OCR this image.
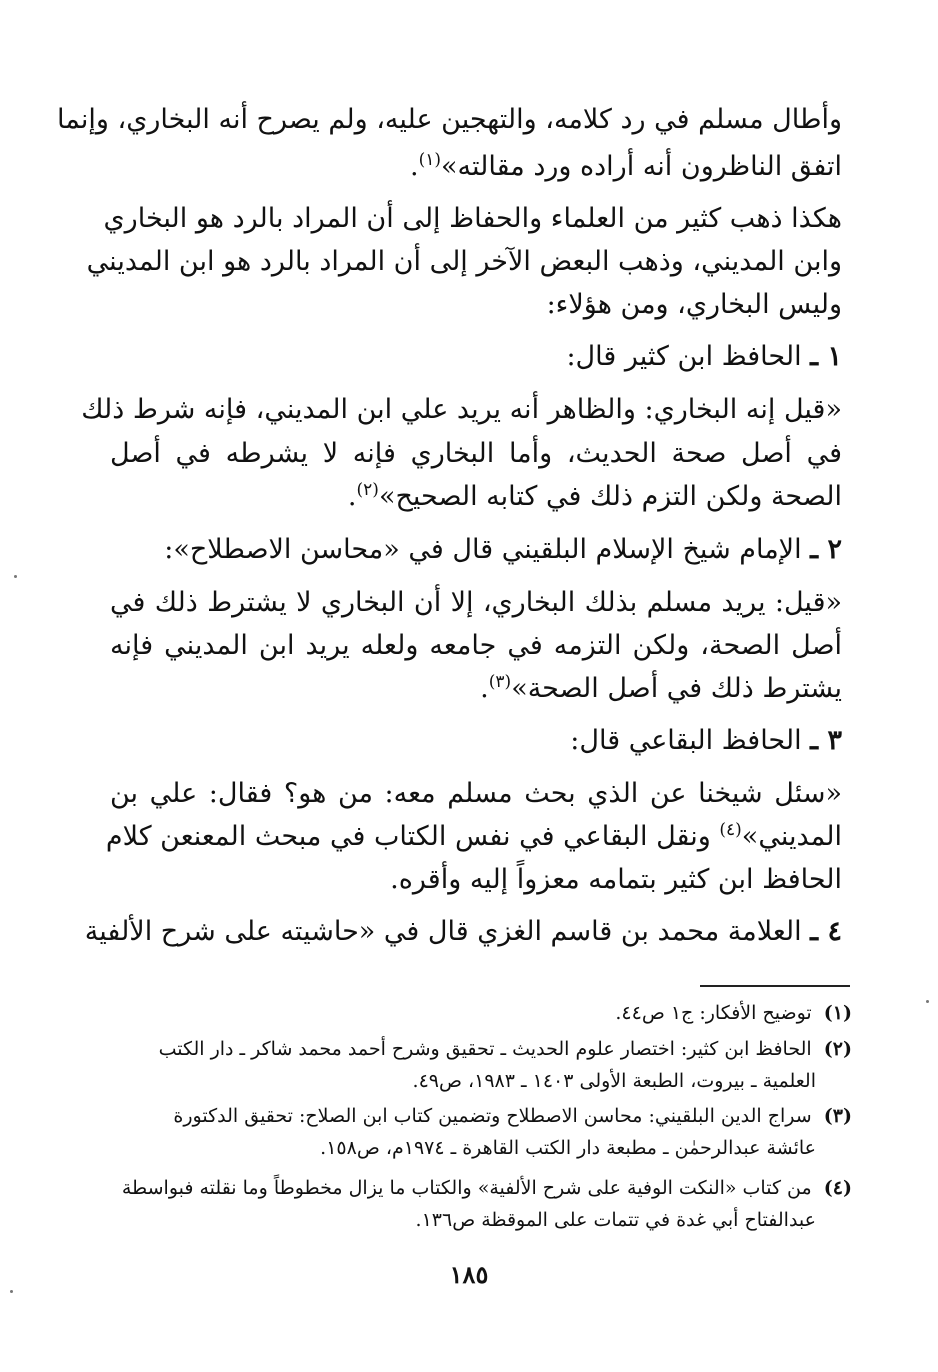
وأطال مسلم في رد كلامه، والتهجين عليه، ولم يصرح أنه البخاري، وإنما
اتفق الناظرون أنه أراده ورد مقالته»$^{(١)}$.
هكذا ذهب كثير من العلماء والحفاظ إلى أن المراد بالرد هو البخاري
وابن المديني، وذهب البعض الآخر إلى أن المراد بالرد هو ابن المديني
وليس البخاري، ومن هؤلاء:
١ ـ الحافظ ابن كثير قال:
«قيل إنه البخاري: والظاهر أنه يريد علي ابن المديني، فإنه شرط ذلك
في أصل صحة الحديث، وأما البخاري فإنه لا يشرطه في أصل
الصحة ولكن التزم ذلك في كتابه الصحيح»$^{(٢)}$.
٢ ـ الإمام شيخ الإسلام البلقيني قال في «محاسن الاصطلاح»:
«قيل: يريد مسلم بذلك البخاري، إلا أن البخاري لا يشترط ذلك في
أصل الصحة، ولكن التزمه في جامعه ولعله يريد ابن المديني فإنه
يشترط ذلك في أصل الصحة»$^{(٣)}$.
٣ ـ الحافظ البقاعي قال:
«سئل شيخنا عن الذي بحث مسلم معه: من هو؟ فقال: علي بن
المديني»$^{(٤)}$ ونقل البقاعي في نفس الكتاب في مبحث المعنعن كلام
الحافظ ابن كثير بتمامه معزواً إليه وأقره.
٤ ـ العلامة محمد بن قاسم الغزي قال في «حاشيته على شرح الألفية
(١)  توضيح الأفكار: ج١ ص٤٤.
(٢)  الحافظ ابن كثير: اختصار علوم الحديث ـ تحقيق وشرح أحمد محمد شاكر ـ دار الكتب
العلمية ـ بيروت، الطبعة الأولى ١٤٠٣ ـ ١٩٨٣، ص٤٩.
(٣)  سراج الدين البلقيني: محاسن الاصطلاح وتضمين كتاب ابن الصلاح: تحقيق الدكتورة
عائشة عبدالرحمٰن ـ مطبعة دار الكتب القاهرة ـ ١٩٧٤م، ص١٥٨.
(٤)  من كتاب «النكت الوفية على شرح الألفية» والكتاب ما يزال مخطوطاً وما نقلته فبواسطة
عبدالفتاح أبي غدة في تتمات على الموقظة ص١٣٦.
١٨٥
